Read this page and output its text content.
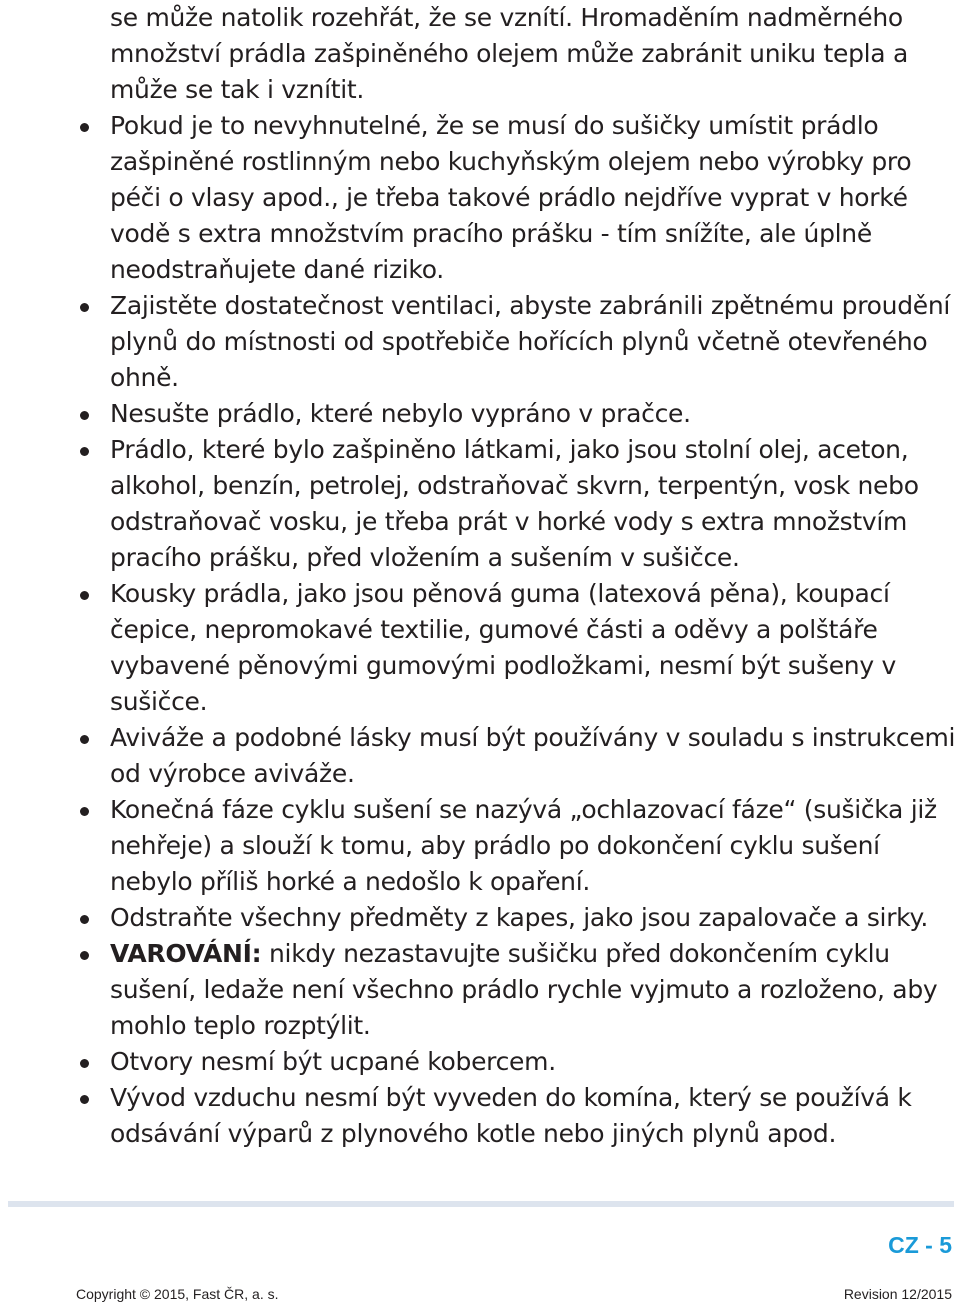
se může natolik rozehřát, že se vznítí. Hromaděním nadměrného množství prádla zašpiněného olejem může zabránit uniku tepla a může se tak i vznítit.

Pokud je to nevyhnutelné, že se musí do sušičky umístit prádlo zašpiněné rostlinným nebo kuchyňským olejem nebo výrobky pro péči o vlasy apod., je třeba takové prádlo nejdříve vyprat v horké vodě s extra množstvím pracího prášku - tím snížíte, ale úplně neodstraňujete dané riziko.
Zajistěte dostatečnost ventilaci, abyste zabránili zpětnému proudění plynů do místnosti od spotřebiče hořících plynů včetně otevřeného ohně.
Nesušte prádlo, které nebylo vypráno v pračce.
Prádlo, které bylo zašpiněno látkami, jako jsou stolní olej, aceton, alkohol, benzín, petrolej, odstraňovač skvrn, terpentýn, vosk nebo odstraňovač vosku, je třeba prát v horké vody s extra množstvím pracího prášku, před vložením a sušením v sušičce.
Kousky prádla, jako jsou pěnová guma (latexová pěna), koupací čepice, nepromokavé textilie, gumové části a oděvy a polštáře vybavené pěnovými gumovými podložkami, nesmí být sušeny v sušičce.
Aviváže a podobné lásky musí být používány v souladu s instrukcemi od výrobce aviváže.
Konečná fáze cyklu sušení se nazývá „ochlazovací fáze“ (sušička již nehřeje) a slouží k tomu, aby prádlo po dokončení cyklu sušení nebylo příliš horké a nedošlo k opaření.
Odstraňte všechny předměty z kapes, jako jsou zapalovače a sirky.
VAROVÁNÍ: nikdy nezastavujte sušičku před dokončením cyklu sušení, ledaže není všechno prádlo rychle vyjmuto a rozloženo, aby mohlo teplo rozptýlit.
Otvory nesmí být ucpané kobercem.
Vývod vzduchu nesmí být vyveden do komína, který se používá k odsávání výparů z plynového kotle nebo jiných plynů apod.
CZ - 5
Copyright © 2015, Fast ČR, a. s.	Revision 12/2015
